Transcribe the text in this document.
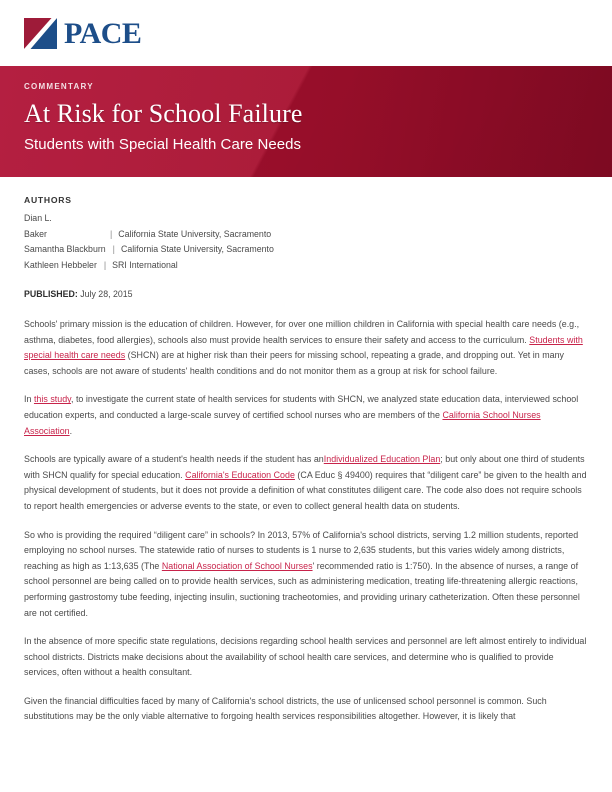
PACE

COMMENTARY

At Risk for School Failure
Students with Special Health Care Needs

AUTHORS

Dian L.
Baker	| California State University, Sacramento
Samantha Blackburn | California State University, Sacramento
Kathleen Hebbeler | SRI International

PUBLISHED: July 28, 2015

Schools' primary mission is the education of children. However, for over one million children in California with special health care needs (e.g., asthma, diabetes, food allergies), schools also must provide health services to ensure their safety and access to the curriculum. Students with special health care needs (SHCN) are at higher risk than their peers for missing school, repeating a grade, and dropping out. Yet in many cases, schools are not aware of students' health conditions and do not monitor them as a group at risk for school failure.

In this study, to investigate the current state of health services for students with SHCN, we analyzed state education data, interviewed school education experts, and conducted a large-scale survey of certified school nurses who are members of the California School Nurses Association.

Schools are typically aware of a student's health needs if the student has anIndividualized Education Plan; but only about one third of students with SHCN qualify for special education. California's Education Code (CA Educ § 49400) requires that “diligent care” be given to the health and physical development of students, but it does not provide a definition of what constitutes diligent care. The code also does not require schools to report health emergencies or adverse events to the state, or even to collect general health data on students.

So who is providing the required “diligent care” in schools? In 2013, 57% of California's school districts, serving 1.2 million students, reported employing no school nurses. The statewide ratio of nurses to students is 1 nurse to 2,635 students, but this varies widely among districts, reaching as high as 1:13,635 (The National Association of School Nurses' recommended ratio is 1:750). In the absence of nurses, a range of school personnel are being called on to provide health services, such as administering medication, treating life-threatening allergic reactions, performing gastrostomy tube feeding, injecting insulin, suctioning tracheotomies, and providing urinary catheterization. Often these personnel are not certified.

In the absence of more specific state regulations, decisions regarding school health services and personnel are left almost entirely to individual school districts. Districts make decisions about the availability of school health care services, and determine who is qualified to provide services, often without a health consultant.

Given the financial difficulties faced by many of California's school districts, the use of unlicensed school personnel is common. Such substitutions may be the only viable alternative to forgoing health services responsibilities altogether. However, it is likely that
